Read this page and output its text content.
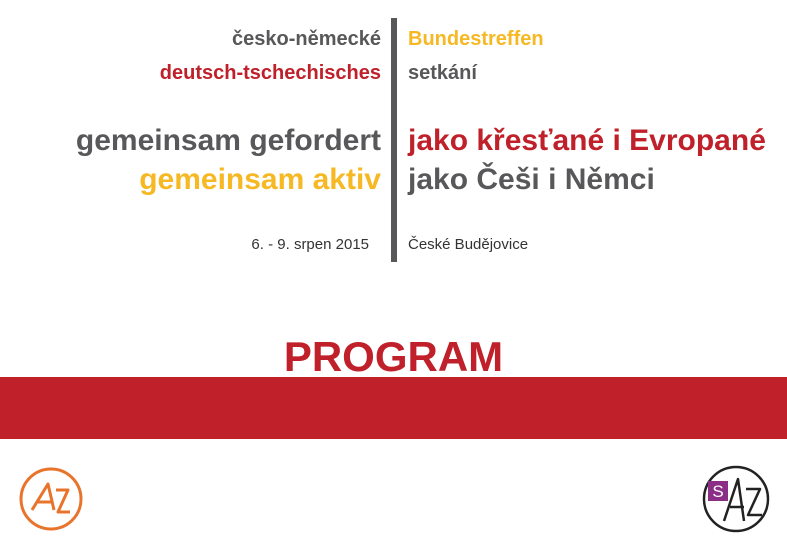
česko-německé
deutsch-tschechisches
gemeinsam gefordert
gemeinsam aktiv
6. - 9. srpen 2015
Bundestreffen
setkání
jako křesťané i Evropané
jako Češi i Němci
České Budějovice
PROGRAM
S
